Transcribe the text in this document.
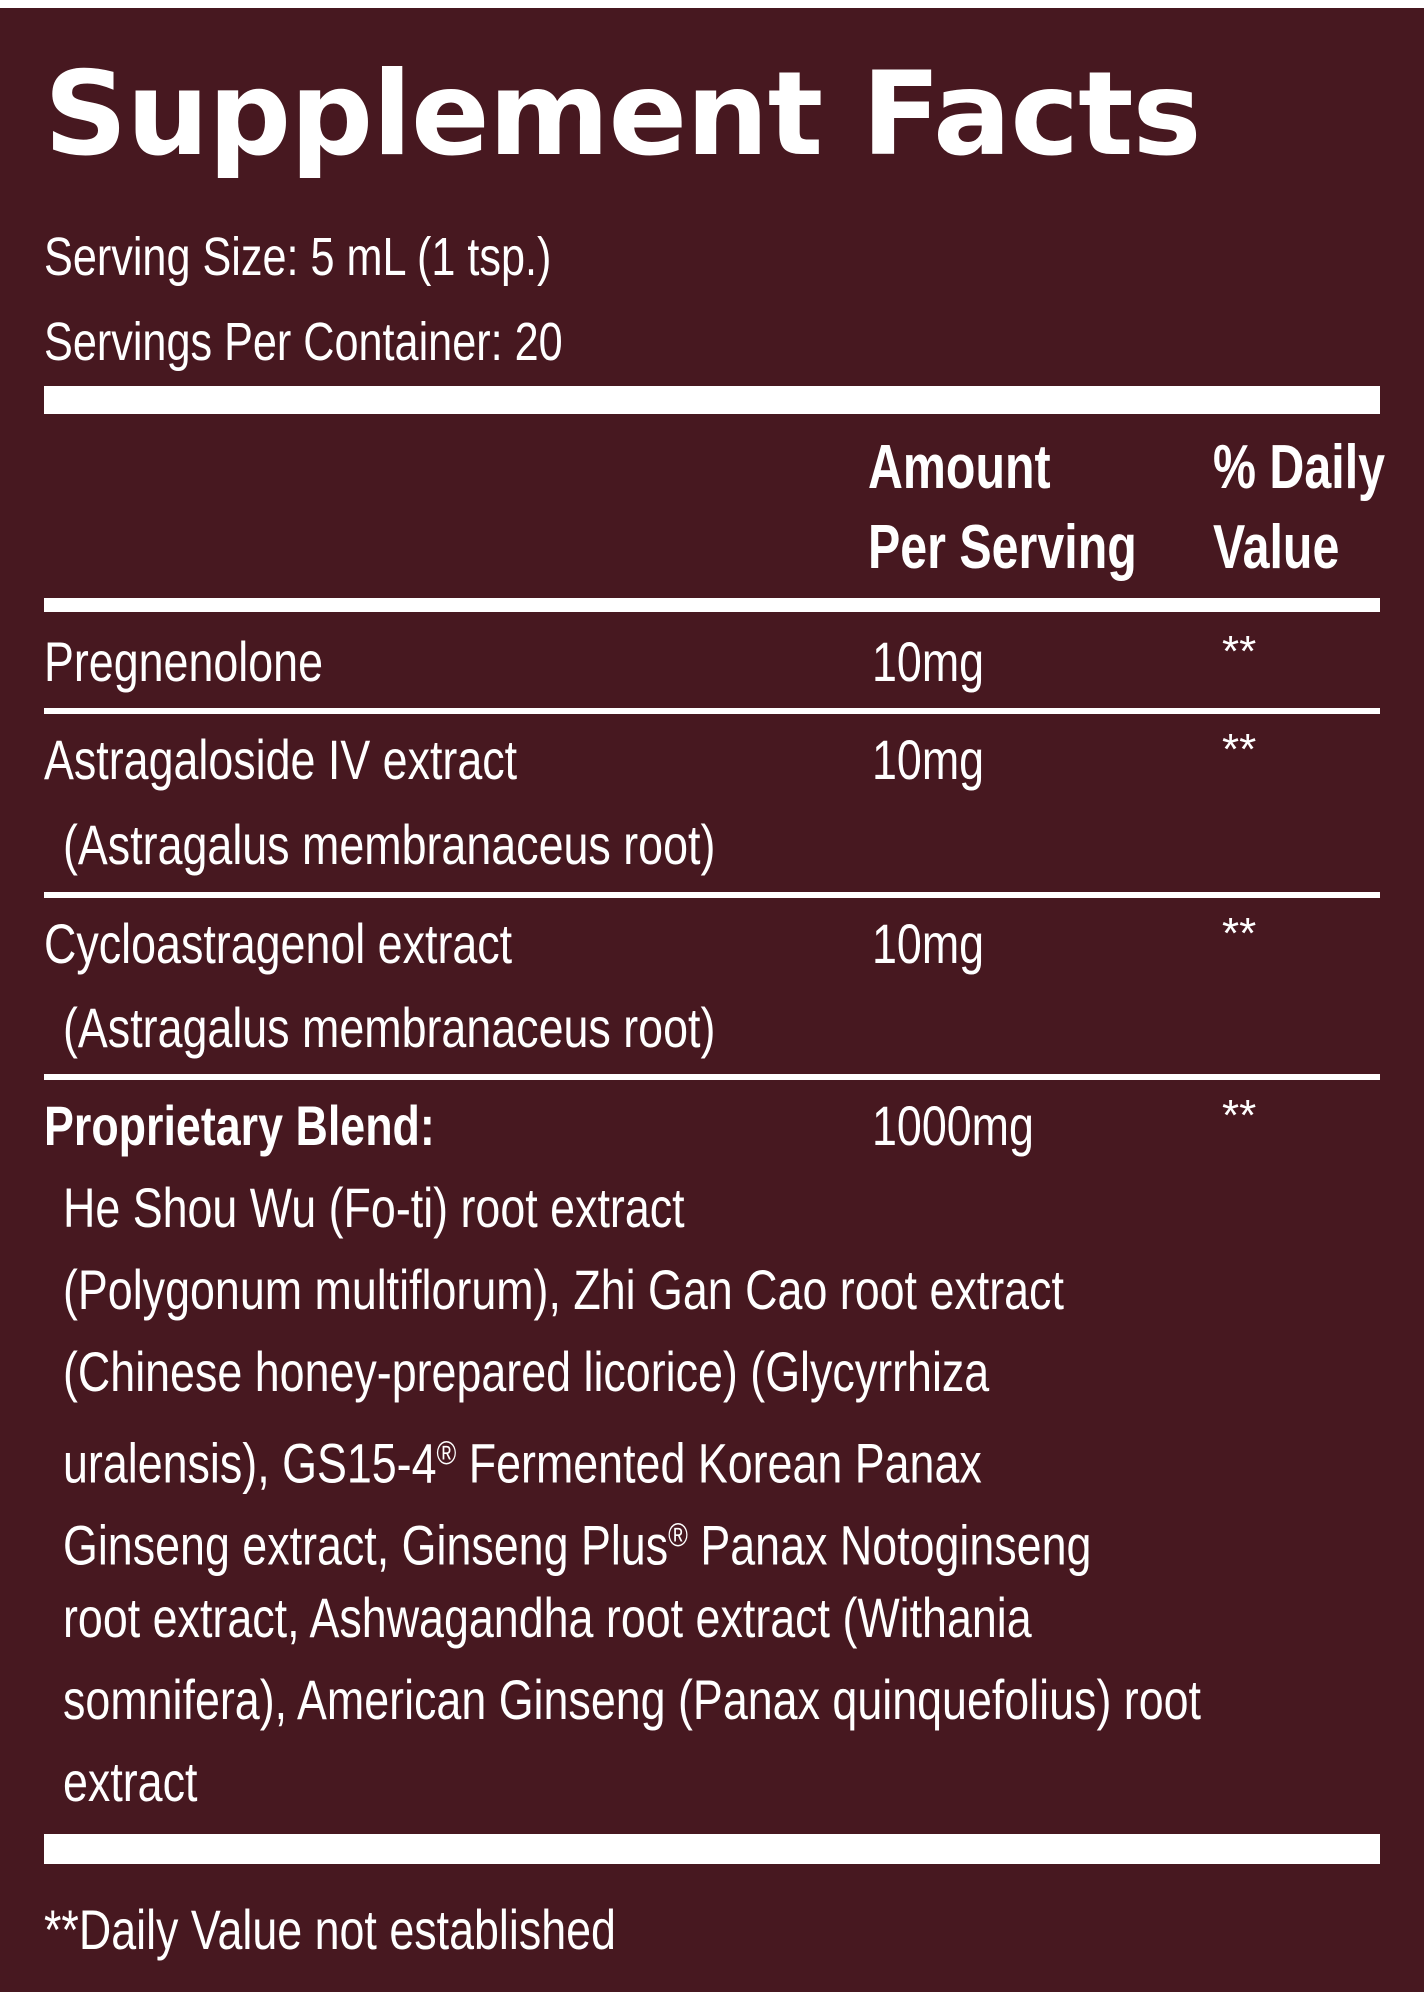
Supplement Facts
Serving Size: 5 mL (1 tsp.)
Servings Per Container: 20
Amount
Per Serving
% Daily
Value
Pregnenolone	10mg	**
Astragaloside IV extract
(Astragalus membranaceus root)
10mg	**
Cycloastragenol extract
(Astragalus membranaceus root)
10mg	**
Proprietary Blend:	1000mg	**
He Shou Wu (Fo-ti) root extract
(Polygonum multiflorum), Zhi Gan Cao root extract
(Chinese honey-prepared licorice) (Glycyrrhiza
uralensis), GS15-4® Fermented Korean Panax
Ginseng extract, Ginseng Plus® Panax Notoginseng
root extract, Ashwagandha root extract (Withania
somnifera), American Ginseng (Panax quinquefolius) root
extract
**Daily Value not established
